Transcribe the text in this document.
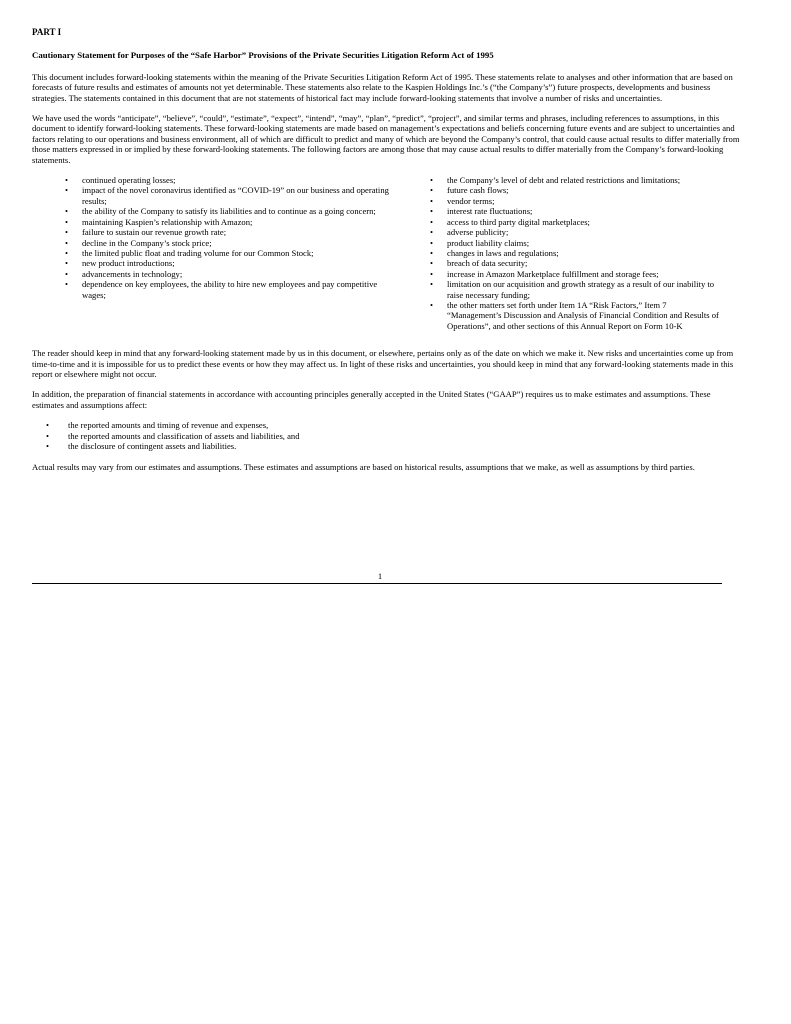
PART I
Cautionary Statement for Purposes of the “Safe Harbor” Provisions of the Private Securities Litigation Reform Act of 1995

This document includes forward-looking statements within the meaning of the Private Securities Litigation Reform Act of 1995. These statements relate to analyses and other information that are based on forecasts of future results and estimates of amounts not yet determinable. These statements also relate to the Kaspien Holdings Inc.’s (“the Company’s”) future prospects, developments and business strategies. The statements contained in this document that are not statements of historical fact may include forward-looking statements that involve a number of risks and uncertainties.

We have used the words “anticipate”, “believe”, “could”, “estimate”, “expect”, “intend”, “may”, “plan”, “predict”, “project”, and similar terms and phrases, including references to assumptions, in this document to identify forward-looking statements. These forward-looking statements are made based on management’s expectations and beliefs concerning future events and are subject to uncertainties and factors relating to our operations and business environment, all of which are difficult to predict and many of which are beyond the Company’s control, that could cause actual results to differ materially from those matters expressed in or implied by these forward-looking statements. The following factors are among those that may cause actual results to differ materially from the Company’s forward-looking statements.

• continued operating losses;
• impact of the novel coronavirus identified as “COVID-19” on our business and operating results;
• the ability of the Company to satisfy its liabilities and to continue as a going concern;
• maintaining Kaspien’s relationship with Amazon;
• failure to sustain our revenue growth rate;
• decline in the Company’s stock price;
• the limited public float and trading volume for our Common Stock;
• new product introductions;
• advancements in technology;
• dependence on key employees, the ability to hire new employees and pay competitive wages;
• the Company’s level of debt and related restrictions and limitations;
• future cash flows;
• vendor terms;
• interest rate fluctuations;
• access to third party digital marketplaces;
• adverse publicity;
• product liability claims;
• changes in laws and regulations;
• breach of data security;
• increase in Amazon Marketplace fulfillment and storage fees;
• limitation on our acquisition and growth strategy as a result of our inability to raise necessary funding;
• the other matters set forth under Item 1A “Risk Factors,” Item 7 “Management’s Discussion and Analysis of Financial Condition and Results of Operations”, and other sections of this Annual Report on Form 10-K

The reader should keep in mind that any forward-looking statement made by us in this document, or elsewhere, pertains only as of the date on which we make it. New risks and uncertainties come up from time-to-time and it is impossible for us to predict these events or how they may affect us. In light of these risks and uncertainties, you should keep in mind that any forward-looking statements made in this report or elsewhere might not occur.

In addition, the preparation of financial statements in accordance with accounting principles generally accepted in the United States (“GAAP”) requires us to make estimates and assumptions. These estimates and assumptions affect:

• the reported amounts and timing of revenue and expenses,
• the reported amounts and classification of assets and liabilities, and
• the disclosure of contingent assets and liabilities.

Actual results may vary from our estimates and assumptions. These estimates and assumptions are based on historical results, assumptions that we make, as well as assumptions by third parties.

1
